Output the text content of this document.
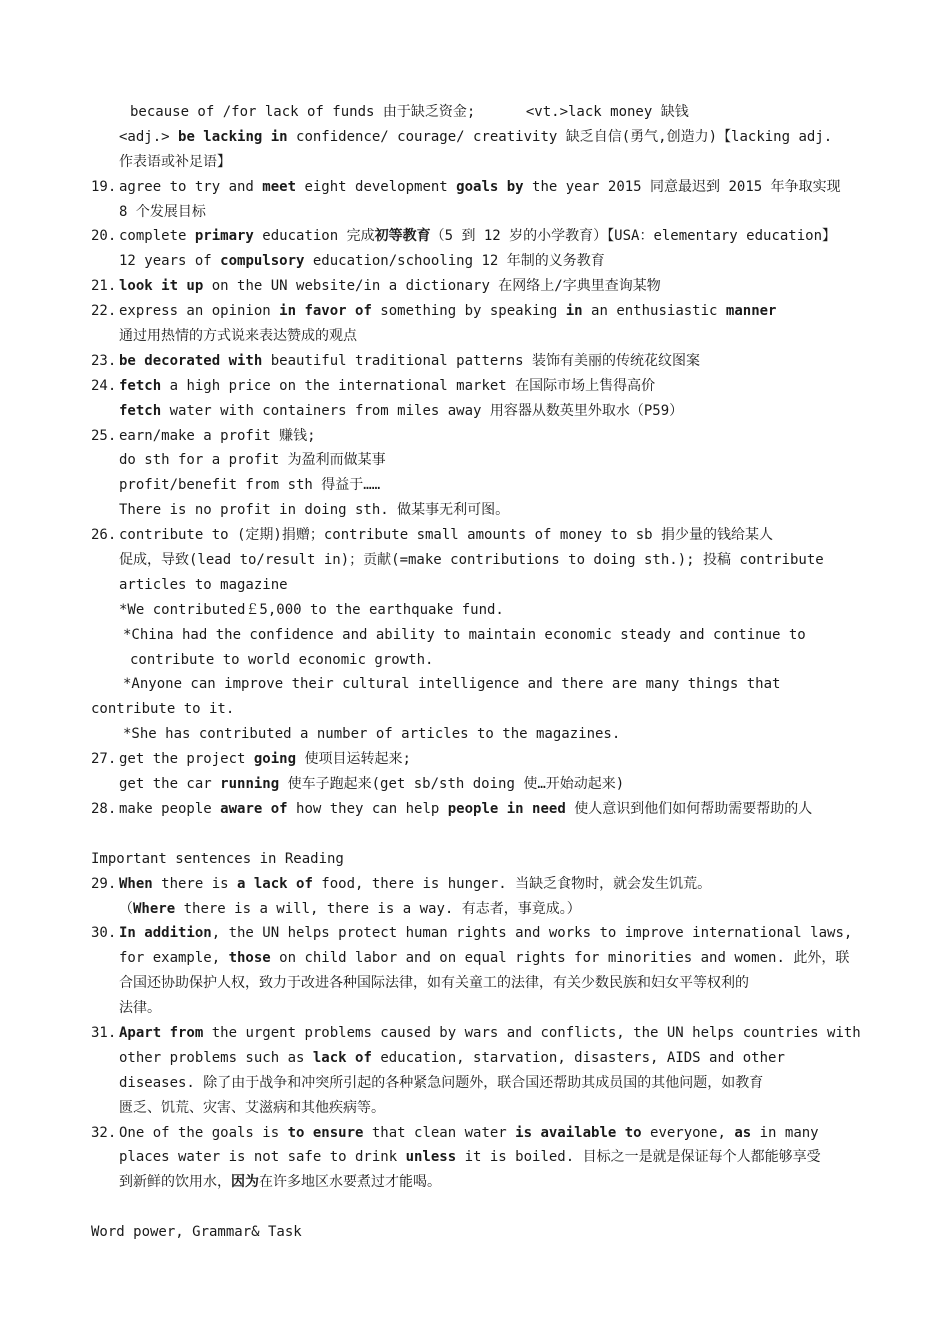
because of /for lack of funds 由于缺乏资金;      <vt.>lack money 缺钱
<adj.> be lacking in confidence/ courage/ creativity 缺乏自信(勇气,创造力)【lacking adj.
作表语或补足语】
19. agree to try and meet eight development goals by the year 2015 同意最迟到 2015 年争取实现
8 个发展目标
20. complete primary education 完成初等教育（5 到 12 岁的小学教育）【USA：elementary education】
12 years of compulsory education/schooling 12 年制的义务教育
21. look it up on the UN website/in a dictionary 在网络上/字典里查询某物
22. express an opinion in favor of something by speaking in an enthusiastic manner
通过用热情的方式说来表达赞成的观点
23. be decorated with beautiful traditional patterns 装饰有美丽的传统花纹图案
24. fetch a high price on the international market 在国际市场上售得高价
fetch water with containers from miles away 用容器从数英里外取水（P59）
25. earn/make a profit 赚钱;
do sth for a profit 为盈利而做某事
profit/benefit from sth 得益于……
There is no profit in doing sth. 做某事无利可图。
26. contribute to (定期)捐赠；contribute small amounts of money to sb 捐少量的钱给某人
促成，导致(lead to/result in)；贡献(=make contributions to doing sth.); 投稿 contribute
articles to magazine
*We contributed￡5,000 to the earthquake fund.
*China had the confidence and ability to maintain economic steady and continue to
contribute to world economic growth.
*Anyone can improve their cultural intelligence and there are many things that
contribute to it.
*She has contributed a number of articles to the magazines.
27. get the project going 使项目运转起来;
get the car running 使车子跑起来(get sb/sth doing 使…开始动起来)
28. make people aware of how they can help people in need 使人意识到他们如何帮助需要帮助的人
Important sentences in Reading
29. When there is a lack of food, there is hunger. 当缺乏食物时，就会发生饥荒。
（Where there is a will, there is a way. 有志者，事竟成。）
30. In addition, the UN helps protect human rights and works to improve international laws,
for example, those on child labor and on equal rights for minorities and women. 此外，联
合国还协助保护人权，致力于改进各种国际法律，如有关童工的法律，有关少数民族和妇女平等权利的
法律。
31. Apart from the urgent problems caused by wars and conflicts, the UN helps countries with
other problems such as lack of education, starvation, disasters, AIDS and other
diseases. 除了由于战争和冲突所引起的各种紧急问题外，联合国还帮助其成员国的其他问题，如教育
匮乏、饥荒、灾害、艾滋病和其他疾病等。
32. One of the goals is to ensure that clean water is available to everyone, as in many
places water is not safe to drink unless it is boiled. 目标之一是就是保证每个人都能够享受
到新鲜的饮用水，因为在许多地区水要煮过才能喝。
Word power, Grammar& Task
